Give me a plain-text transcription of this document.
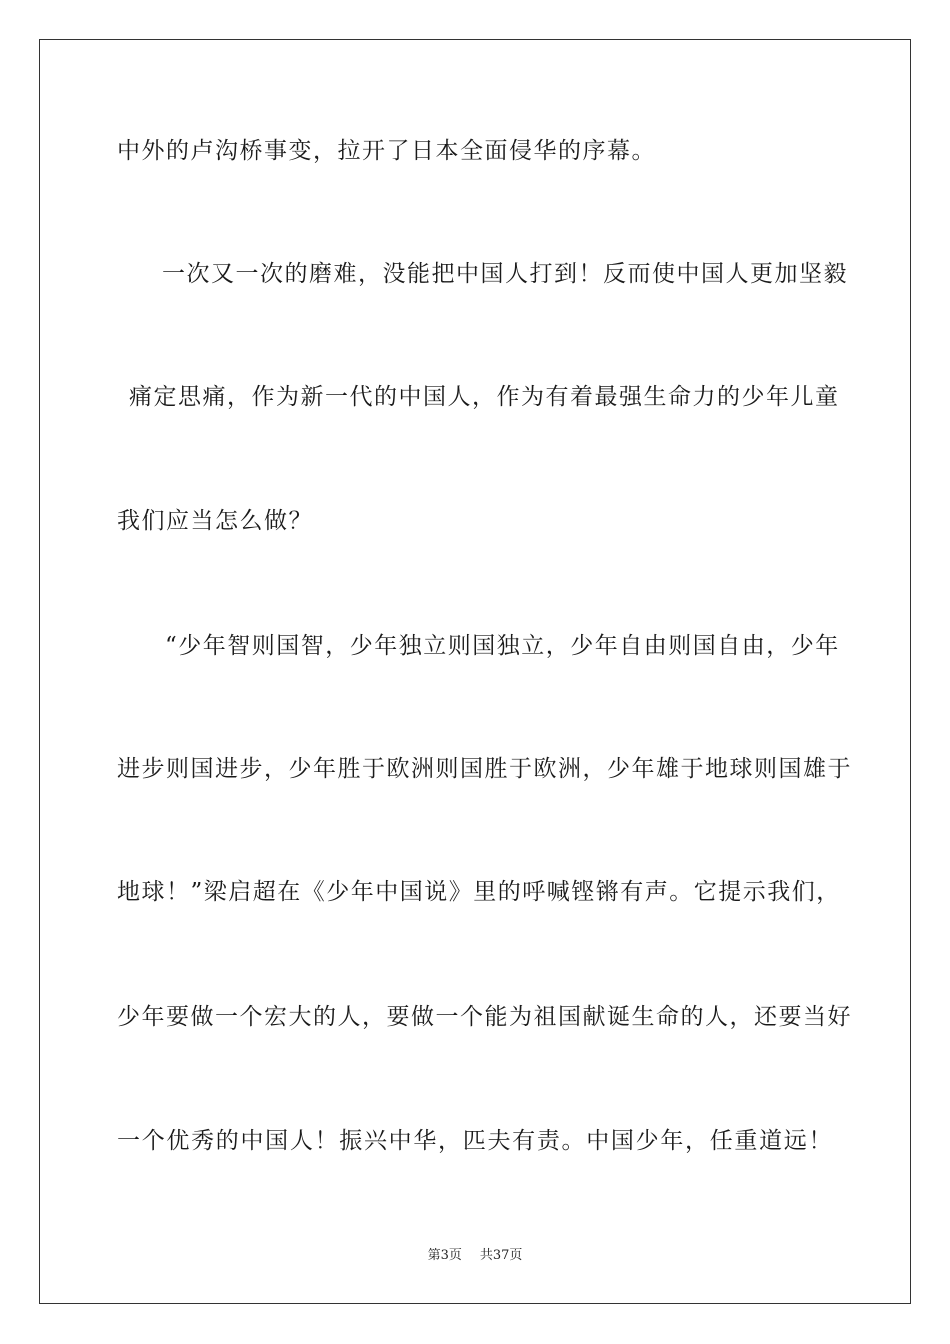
中外的卢沟桥事变，拉开了日本全面侵华的序幕。
一次又一次的磨难，没能把中国人打到！反而使中国人更加坚毅
痛定思痛，作为新一代的中国人，作为有着最强生命力的少年儿童
我们应当怎么做？
“少年智则国智，少年独立则国独立，少年自由则国自由，少年
进步则国进步，少年胜于欧洲则国胜于欧洲，少年雄于地球则国雄于
地球！”梁启超在《少年中国说》里的呼喊铿锵有声。它提示我们，
少年要做一个宏大的人，要做一个能为祖国献诞生命的人，还要当好
一个优秀的中国人！振兴中华，匹夫有责。中国少年，任重道远！
第3页 共37页
